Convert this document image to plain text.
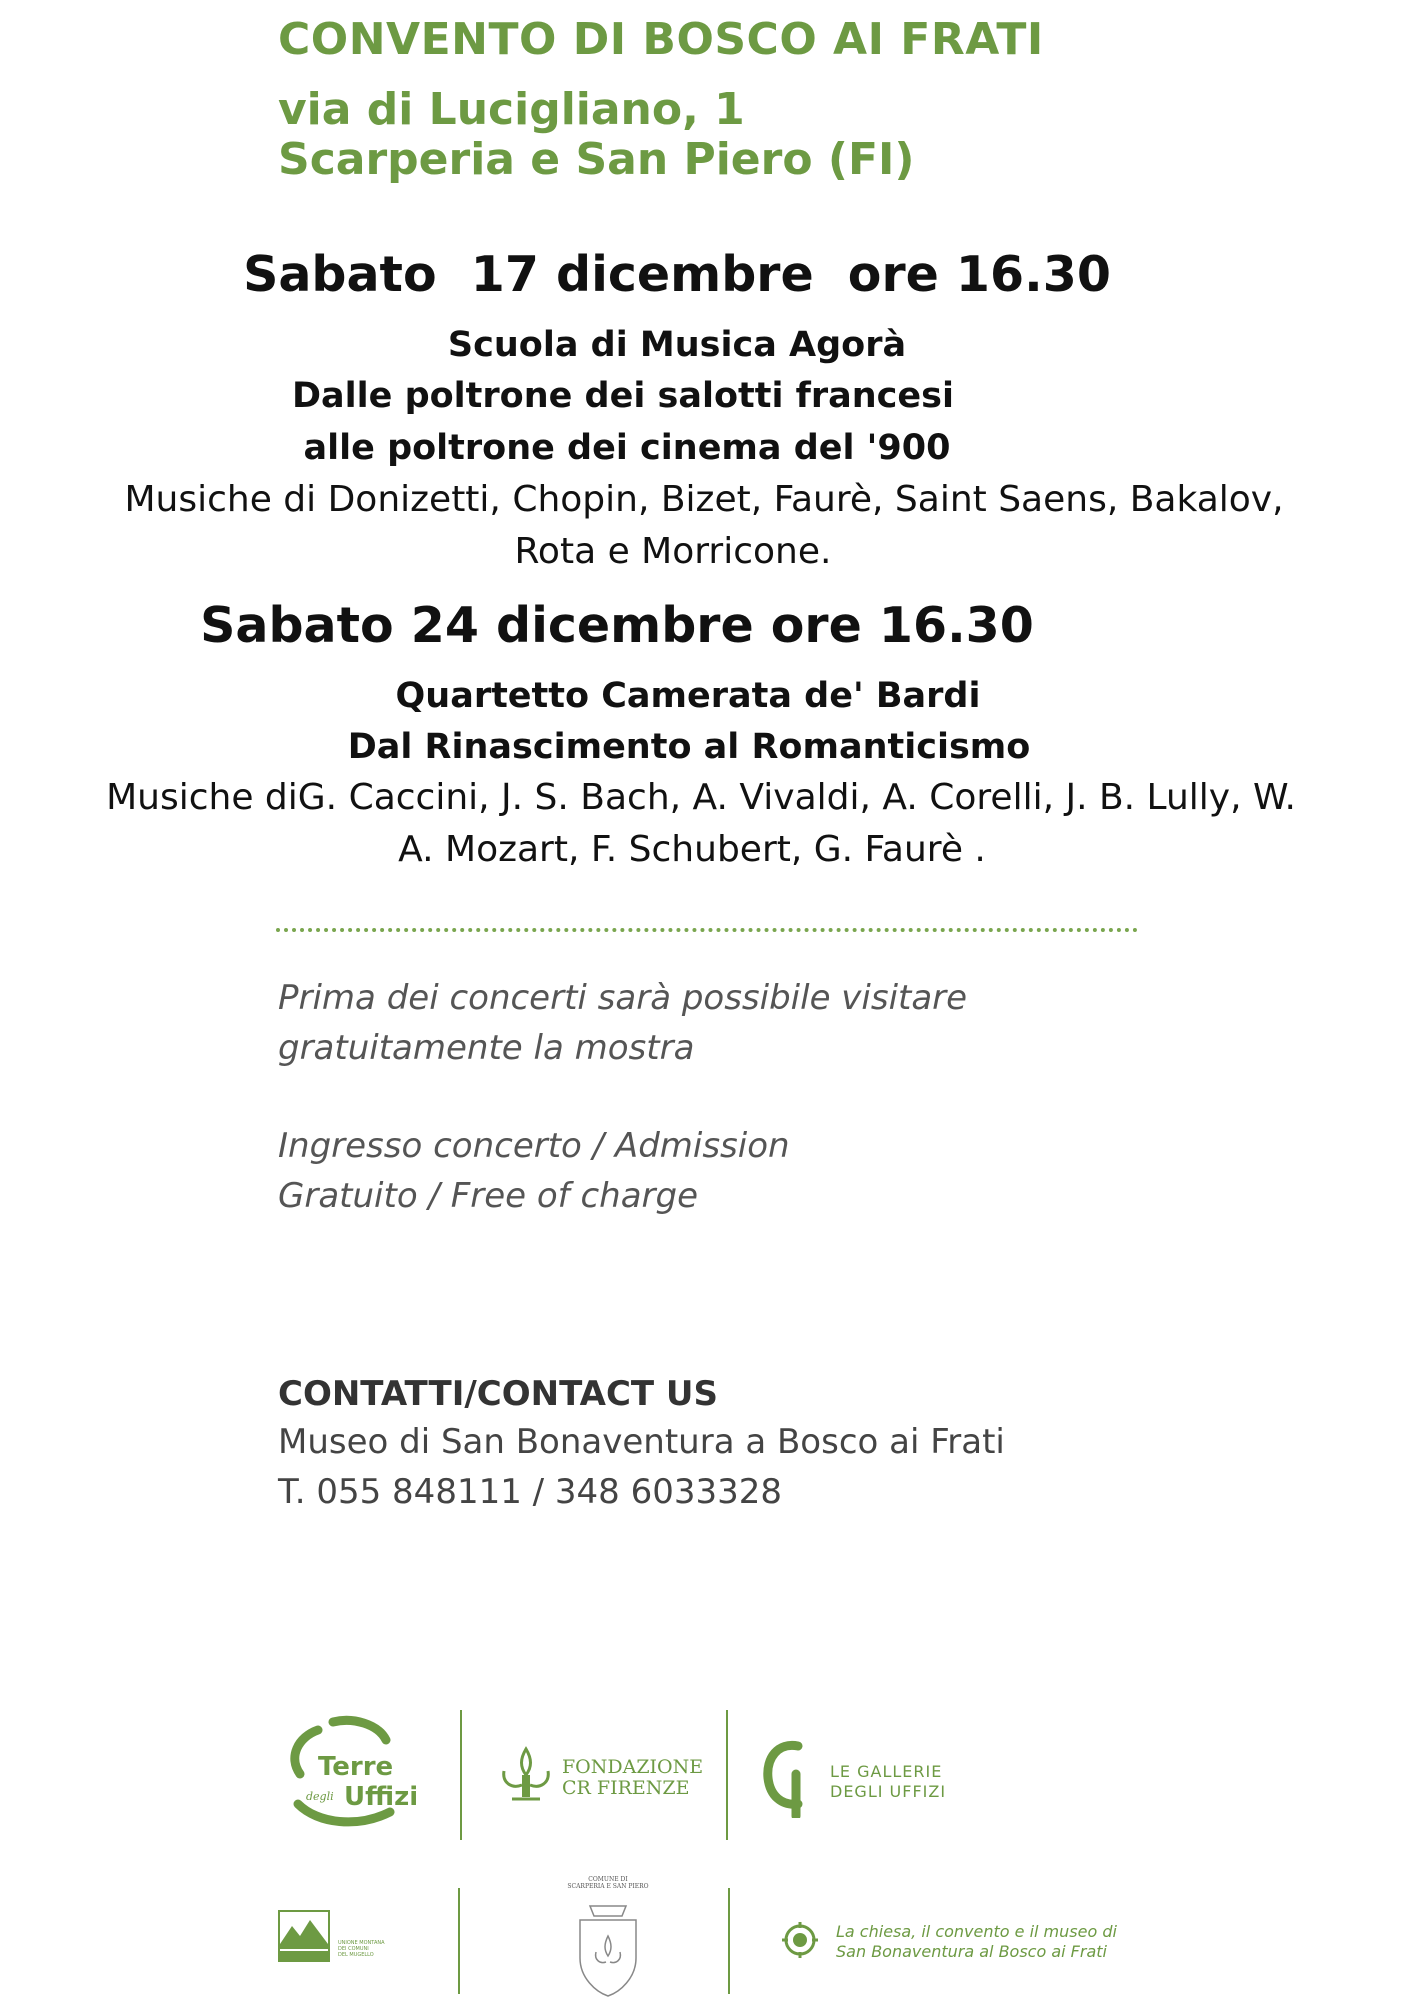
CONVENTO DI BOSCO AI FRATI
via di Lucigliano, 1
Scarperia e San Piero (FI)
Sabato  17 dicembre  ore 16.30
Scuola di Musica Agorà
Dalle poltrone dei salotti francesi
alle poltrone dei cinema del '900
Musiche di Donizetti, Chopin, Bizet, Faurè, Saint Saens, Bakalov,
Rota e Morricone.
Sabato 24 dicembre ore 16.30
Quartetto Camerata de' Bardi
Dal Rinascimento al Romanticismo
Musiche diG. Caccini, J. S. Bach, A. Vivaldi, A. Corelli, J. B. Lully, W.
A. Mozart, F. Schubert, G. Faurè .
Prima dei concerti sarà possibile visitare
gratuitamente la mostra
Ingresso concerto / Admission
Gratuito / Free of charge
CONTATTI/CONTACT US
Museo di San Bonaventura a Bosco ai Frati
T. 055 848111 / 348 6033328
Terre
degli Uffizi
FONDAZIONE
CR FIRENZE
LE GALLERIE
DEGLI UFFIZI
UNIONE MONTANA
DEI COMUNI
DEL MUGELLO
COMUNE DI
SCARPERIA E SAN PIERO
La chiesa, il convento e il museo di
San Bonaventura al Bosco ai Frati
